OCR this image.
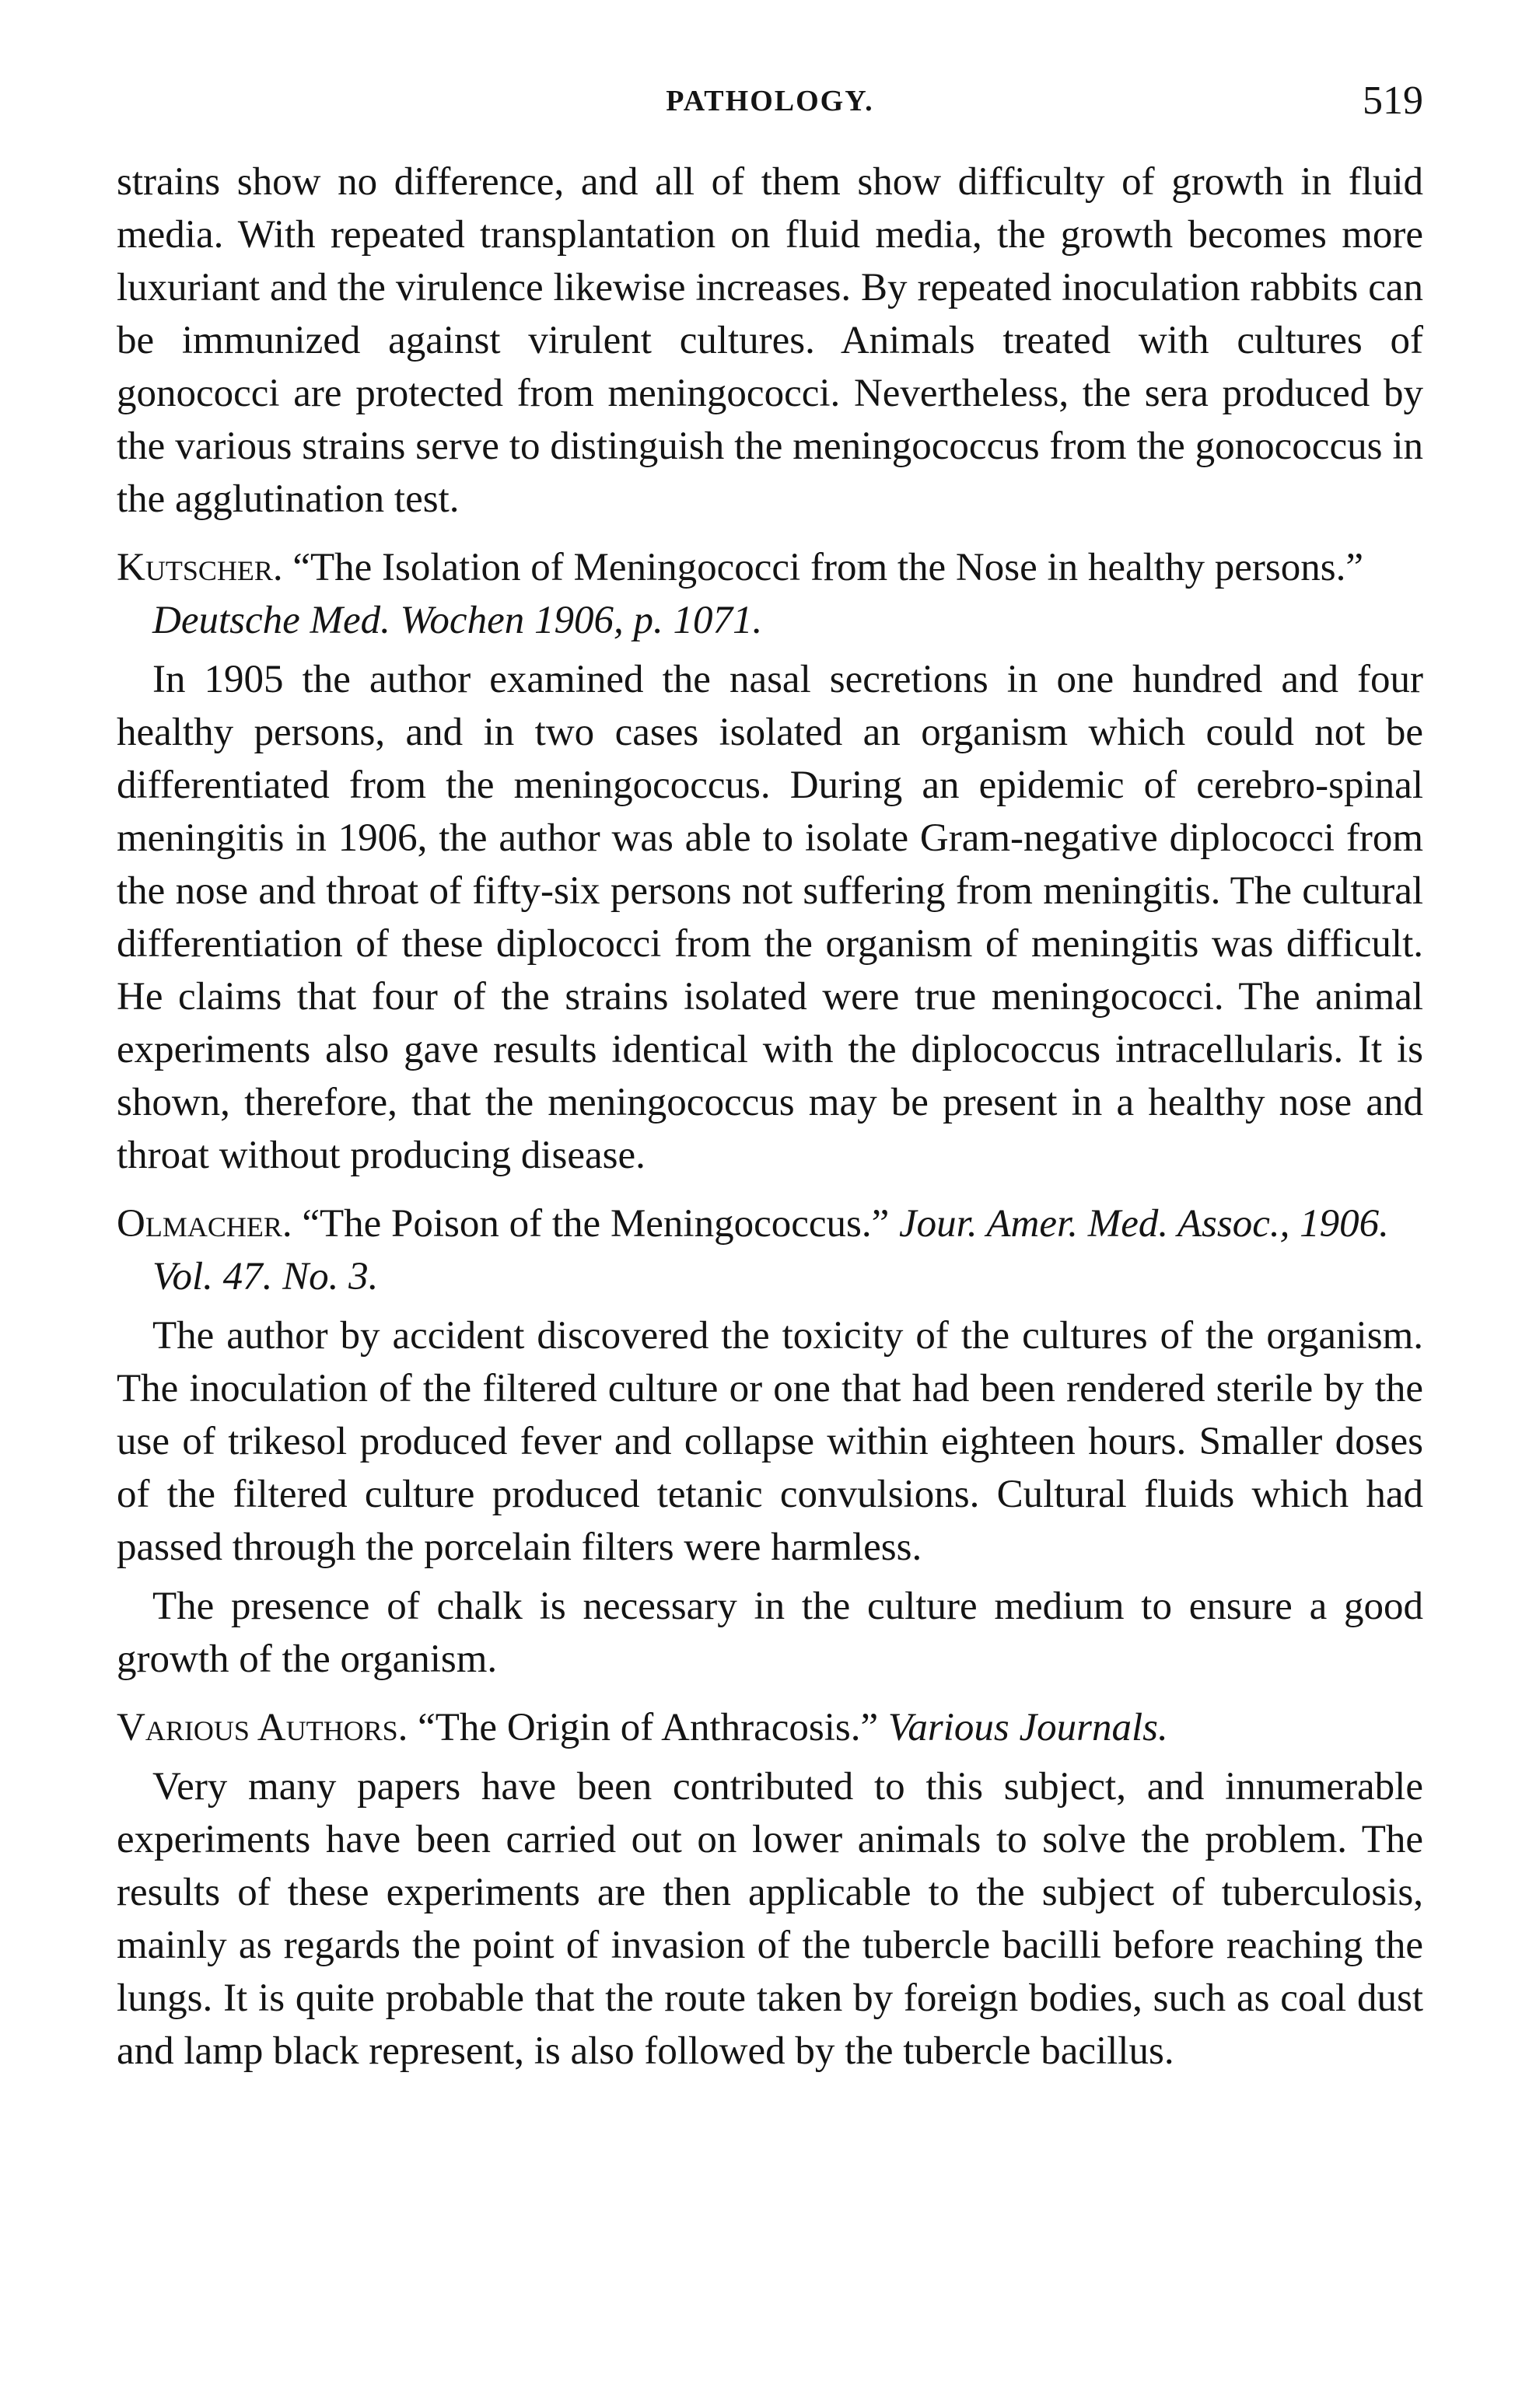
PATHOLOGY.	519

strains show no difference, and all of them show difficulty of growth in fluid media. With repeated transplantation on fluid media, the growth becomes more luxuriant and the virulence likewise increases. By repeated inoculation rabbits can be immunized against virulent cultures. Animals treated with cultures of gonococci are protected from meningococci. Nevertheless, the sera produced by the various strains serve to distinguish the meningococcus from the gonococcus in the agglutination test.

Kutscher. “The Isolation of Meningococci from the Nose in healthy persons.” Deutsche Med. Wochen 1906, p. 1071.

In 1905 the author examined the nasal secretions in one hundred and four healthy persons, and in two cases isolated an organism which could not be differentiated from the meningococcus. During an epidemic of cerebro-spinal meningitis in 1906, the author was able to isolate Gram-negative diplococci from the nose and throat of fifty-six persons not suffering from meningitis. The cultural differentiation of these diplococci from the organism of meningitis was difficult. He claims that four of the strains isolated were true meningococci. The animal experiments also gave results identical with the diplococcus intracellularis. It is shown, therefore, that the meningococcus may be present in a healthy nose and throat without producing disease.

Olmacher. “The Poison of the Meningococcus.” Jour. Amer. Med. Assoc., 1906. Vol. 47. No. 3.

The author by accident discovered the toxicity of the cultures of the organism. The inoculation of the filtered culture or one that had been rendered sterile by the use of trikesol produced fever and collapse within eighteen hours. Smaller doses of the filtered culture produced tetanic convulsions. Cultural fluids which had passed through the porcelain filters were harmless.

The presence of chalk is necessary in the culture medium to ensure a good growth of the organism.

Various Authors. “The Origin of Anthracosis.” Various Journals.

Very many papers have been contributed to this subject, and innumerable experiments have been carried out on lower animals to solve the problem. The results of these experiments are then applicable to the subject of tuberculosis, mainly as regards the point of invasion of the tubercle bacilli before reaching the lungs. It is quite probable that the route taken by foreign bodies, such as coal dust and lamp black represent, is also followed by the tubercle bacillus.
